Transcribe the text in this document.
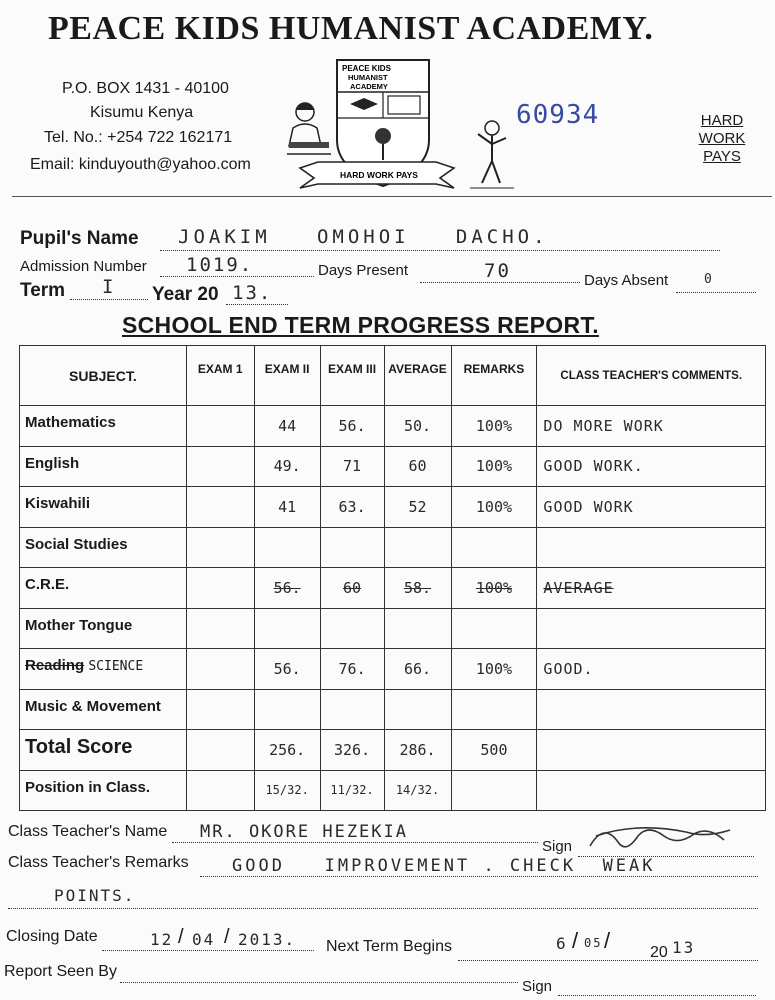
PEACE KIDS HUMANIST ACADEMY.
P.O. BOX 1431 - 40100
Kisumu Kenya
Tel. No.: +254 722 162171
Email: kinduyouth@yahoo.com
PEACE KIDS
HUMANIST
ACADEMY
HARD WORK PAYS
60934	HARD
WORK
PAYS
Pupil's Name JOAKIM   OMOHOI   DACHO.
Admission Number 1019.	Days Present	70	Days Absent	0
Term I Year 20 13.
SCHOOL END TERM PROGRESS REPORT.
SUBJECT.	EXAM 1	EXAM II	EXAM III	AVERAGE	REMARKS	CLASS TEACHER'S COMMENTS.
Mathematics		44	56.	50.	100%	DO MORE WORK
English		49.	71	60	100%	GOOD WORK.
Kiswahili		41	63.	52	100%	GOOD WORK
Social Studies						
C.R.E.		56.	60	58.	100%	AVERAGE
Mother Tongue						
Reading SCIENCE		56.	76.	66.	100%	GOOD.
Music & Movement						
Total Score		256.	326.	286.	500	
Position in Class.		15/32.	11/32.	14/32.		
Class Teacher's Name MR. OKORE HEZEKIA
Sign
Class Teacher's Remarks	GOOD   IMPROVEMENT . CHECK  WEAK
POINTS.
Closing Date	12 / 04 / 2013. Next Term Begins	6 / 05 / 20 13
Report Seen By
Sign
